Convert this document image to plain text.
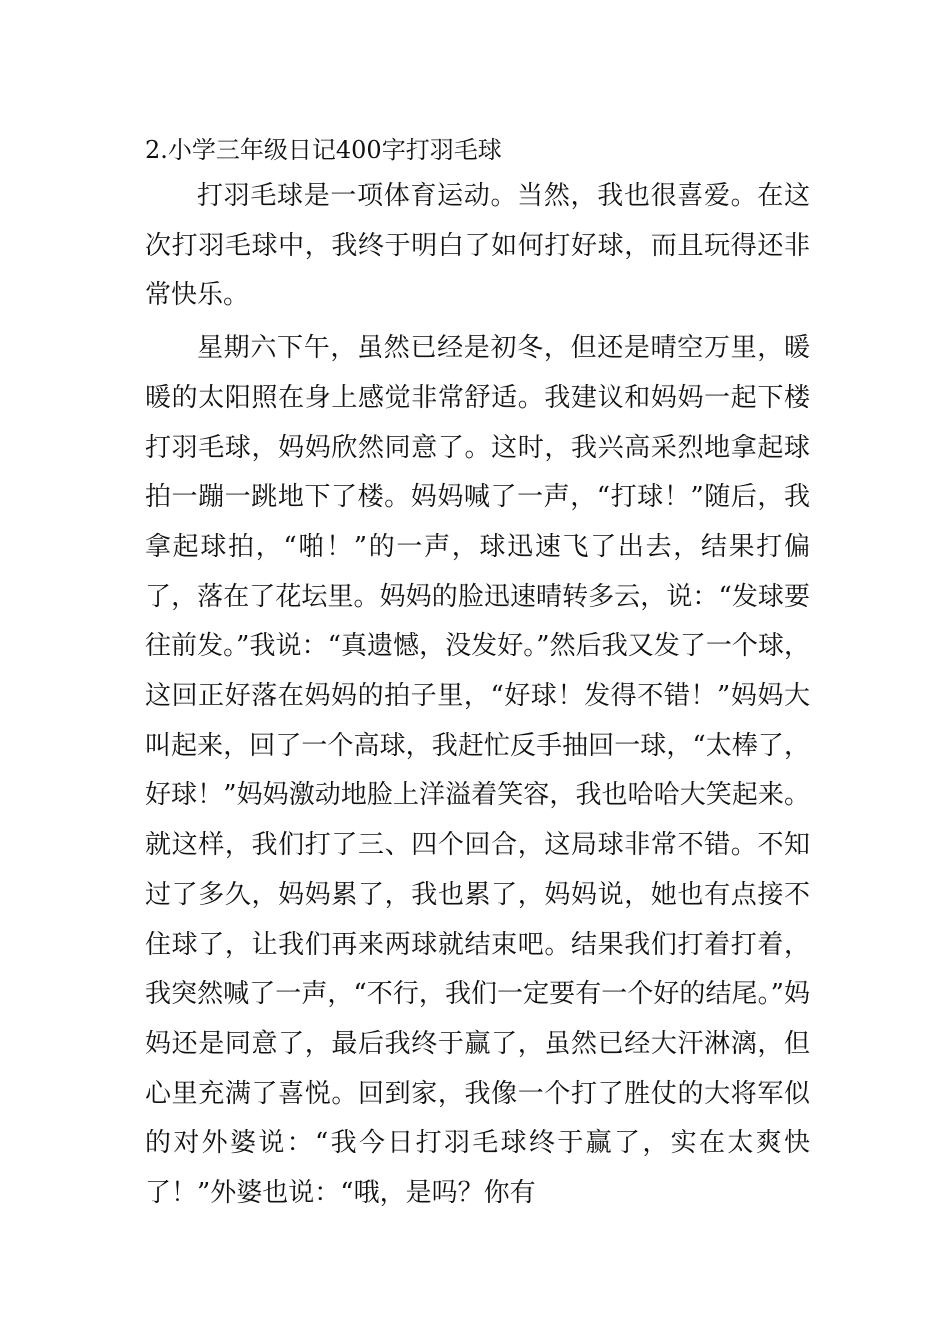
2.小学三年级日记400字打羽毛球

打羽毛球是一项体育运动。当然，我也很喜爱。在这次打羽毛球中，我终于明白了如何打好球，而且玩得还非常快乐。

星期六下午，虽然已经是初冬，但还是晴空万里，暖暖的太阳照在身上感觉非常舒适。我建议和妈妈一起下楼打羽毛球，妈妈欣然同意了。这时，我兴高采烈地拿起球拍一蹦一跳地下了楼。妈妈喊了一声，“打球！”随后，我拿起球拍，“啪！”的一声，球迅速飞了出去，结果打偏了，落在了花坛里。妈妈的脸迅速晴转多云，说：“发球要往前发。”我说：“真遗憾，没发好。”然后我又发了一个球，这回正好落在妈妈的拍子里，“好球！发得不错！”妈妈大叫起来，回了一个高球，我赶忙反手抽回一球，“太棒了，好球！”妈妈激动地脸上洋溢着笑容，我也哈哈大笑起来。就这样，我们打了三、四个回合，这局球非常不错。不知过了多久，妈妈累了，我也累了，妈妈说，她也有点接不住球了，让我们再来两球就结束吧。结果我们打着打着，我突然喊了一声，“不行，我们一定要有一个好的结尾。”妈妈还是同意了，最后我终于赢了，虽然已经大汗淋漓，但心里充满了喜悦。回到家，我像一个打了胜仗的大将军似的对外婆说：“我今日打羽毛球终于赢了，实在太爽快了！”外婆也说：“哦，是吗？你有
